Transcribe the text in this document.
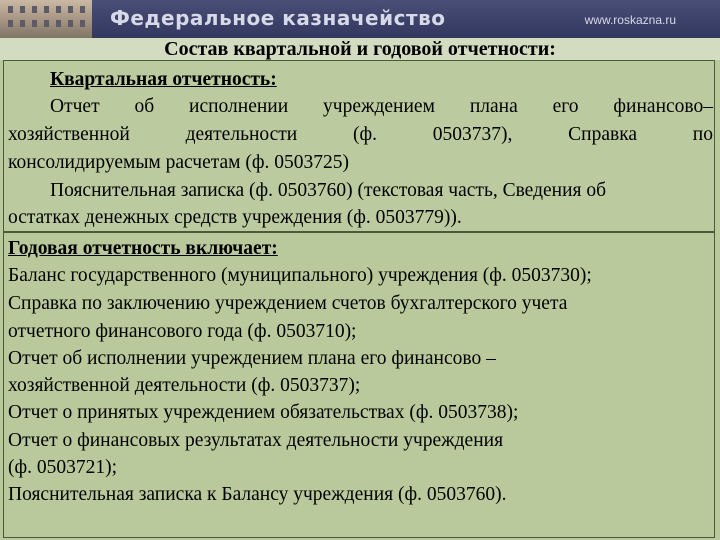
Федеральное казначейство	www.roskazna.ru
Состав квартальной и годовой отчетности:
Квартальная отчетность:
Отчет об исполнении учреждением плана его финансово–
хозяйственной	деятельности	(ф.	0503737),	Справка	по
консолидируемым расчетам (ф. 0503725)
Пояснительная записка (ф. 0503760) (текстовая часть, Сведения об
остатках денежных средств учреждения (ф. 0503779)).
Годовая отчетность включает:
Баланс государственного (муниципального) учреждения (ф. 0503730);
Справка по заключению учреждением счетов бухгалтерского учета
отчетного финансового года (ф. 0503710);
Отчет об исполнении учреждением плана его финансово –
хозяйственной деятельности (ф. 0503737);
Отчет о принятых учреждением обязательствах (ф. 0503738);
Отчет о финансовых результатах деятельности учреждения
(ф. 0503721);
Пояснительная записка к Балансу учреждения (ф. 0503760).
